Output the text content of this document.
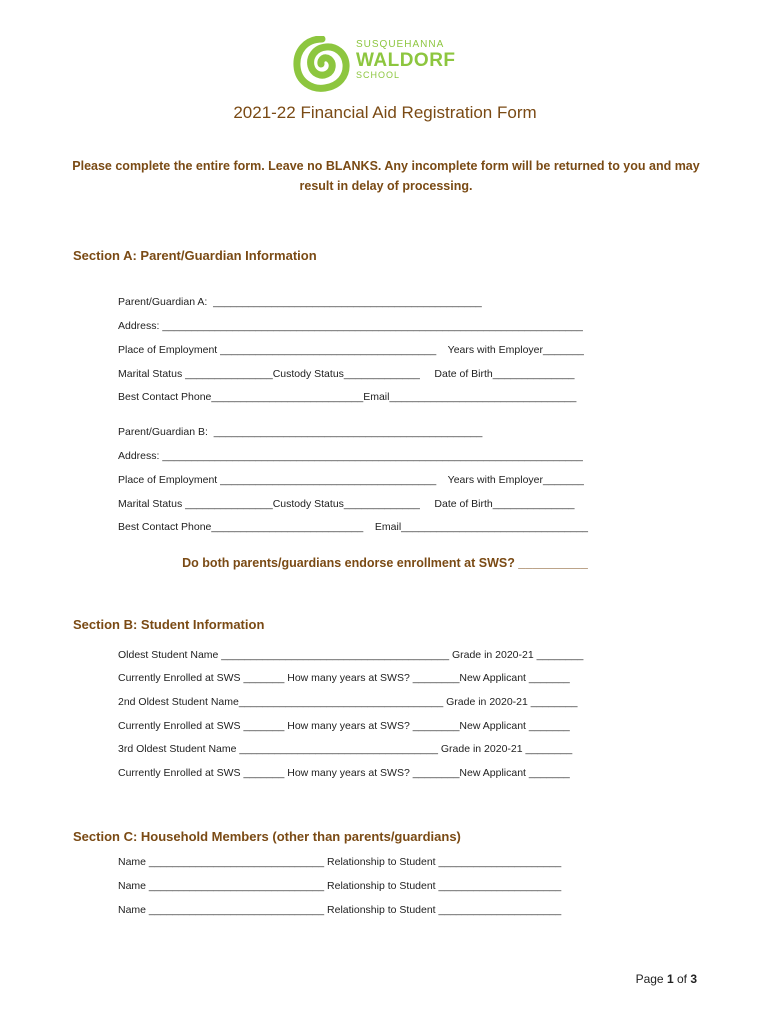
SUSQUEHANNA
WALDORF
SCHOOL
2021-22 Financial Aid Registration Form
Please complete the entire form. Leave no BLANKS. Any incomplete form will be returned to you and may result in delay of processing.
Section A: Parent/Guardian Information
Parent/Guardian A:  ______________________________________________
Address: ________________________________________________________________________
Place of Employment _____________________________________    Years with Employer_______
Marital Status _______________Custody Status_____________     Date of Birth______________
Best Contact Phone__________________________Email________________________________
Parent/Guardian B:  ______________________________________________
Address: ________________________________________________________________________
Place of Employment _____________________________________    Years with Employer_______
Marital Status _______________Custody Status_____________     Date of Birth______________
Best Contact Phone__________________________    Email________________________________
Do both parents/guardians endorse enrollment at SWS? __________
Section B: Student Information
Oldest Student Name _______________________________________ Grade in 2020-21 ________
Currently Enrolled at SWS _______ How many years at SWS? ________New Applicant _______
2nd Oldest Student Name___________________________________ Grade in 2020-21 ________
Currently Enrolled at SWS _______ How many years at SWS? ________New Applicant _______
3rd Oldest Student Name __________________________________ Grade in 2020-21 ________
Currently Enrolled at SWS _______ How many years at SWS? ________New Applicant _______
Section C: Household Members (other than parents/guardians)
Name ______________________________ Relationship to Student _____________________
Name ______________________________ Relationship to Student _____________________
Name ______________________________ Relationship to Student _____________________
Page 1 of 3
